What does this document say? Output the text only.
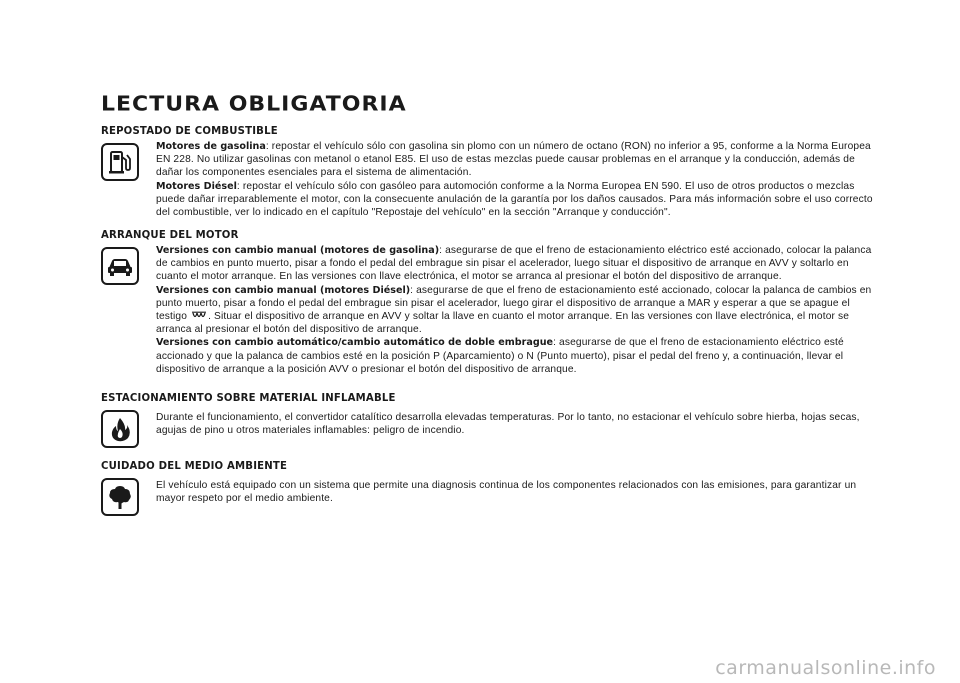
LECTURA OBLIGATORIA
REPOSTADO DE COMBUSTIBLE

Motores de gasolina: repostar el vehículo sólo con gasolina sin plomo con un número de octano (RON) no inferior a 95, conforme a la Norma Europea EN 228. No utilizar gasolinas con metanol o etanol E85. El uso de estas mezclas puede causar problemas en el arranque y la conducción, además de dañar los componentes esenciales para el sistema de alimentación.

Motores Diésel: repostar el vehículo sólo con gasóleo para automoción conforme a la Norma Europea EN 590. El uso de otros productos o mezclas puede dañar irreparablemente el motor, con la consecuente anulación de la garantía por los daños causados. Para más información sobre el uso correcto del combustible, ver lo indicado en el capítulo "Repostaje del vehículo" en la sección "Arranque y conducción".

ARRANQUE DEL MOTOR

Versiones con cambio manual (motores de gasolina): asegurarse de que el freno de estacionamiento eléctrico esté accionado, colocar la palanca de cambios en punto muerto, pisar a fondo el pedal del embrague sin pisar el acelerador, luego situar el dispositivo de arranque en AVV y soltarlo en cuanto el motor arranque. En las versiones con llave electrónica, el motor se arranca al presionar el botón del dispositivo de arranque.

Versiones con cambio manual (motores Diésel): asegurarse de que el freno de estacionamiento esté accionado, colocar la palanca de cambios en punto muerto, pisar a fondo el pedal del embrague sin pisar el acelerador, luego girar el dispositivo de arranque a MAR y esperar a que se apague el testigo . Situar el dispositivo de arranque en AVV y soltar la llave en cuanto el motor arranque. En las versiones con llave electrónica, el motor se arranca al presionar el botón del dispositivo de arranque.

Versiones con cambio automático/cambio automático de doble embrague: asegurarse de que el freno de estacionamiento eléctrico esté accionado y que la palanca de cambios esté en la posición P (Aparcamiento) o N (Punto muerto), pisar el pedal del freno y, a continuación, llevar el dispositivo de arranque a la posición AVV o presionar el botón del dispositivo de arranque.

ESTACIONAMIENTO SOBRE MATERIAL INFLAMABLE

Durante el funcionamiento, el convertidor catalítico desarrolla elevadas temperaturas. Por lo tanto, no estacionar el vehículo sobre hierba, hojas secas, agujas de pino u otros materiales inflamables: peligro de incendio.

CUIDADO DEL MEDIO AMBIENTE

El vehículo está equipado con un sistema que permite una diagnosis continua de los componentes relacionados con las emisiones, para garantizar un mayor respeto por el medio ambiente.

carmanualsonline.info
